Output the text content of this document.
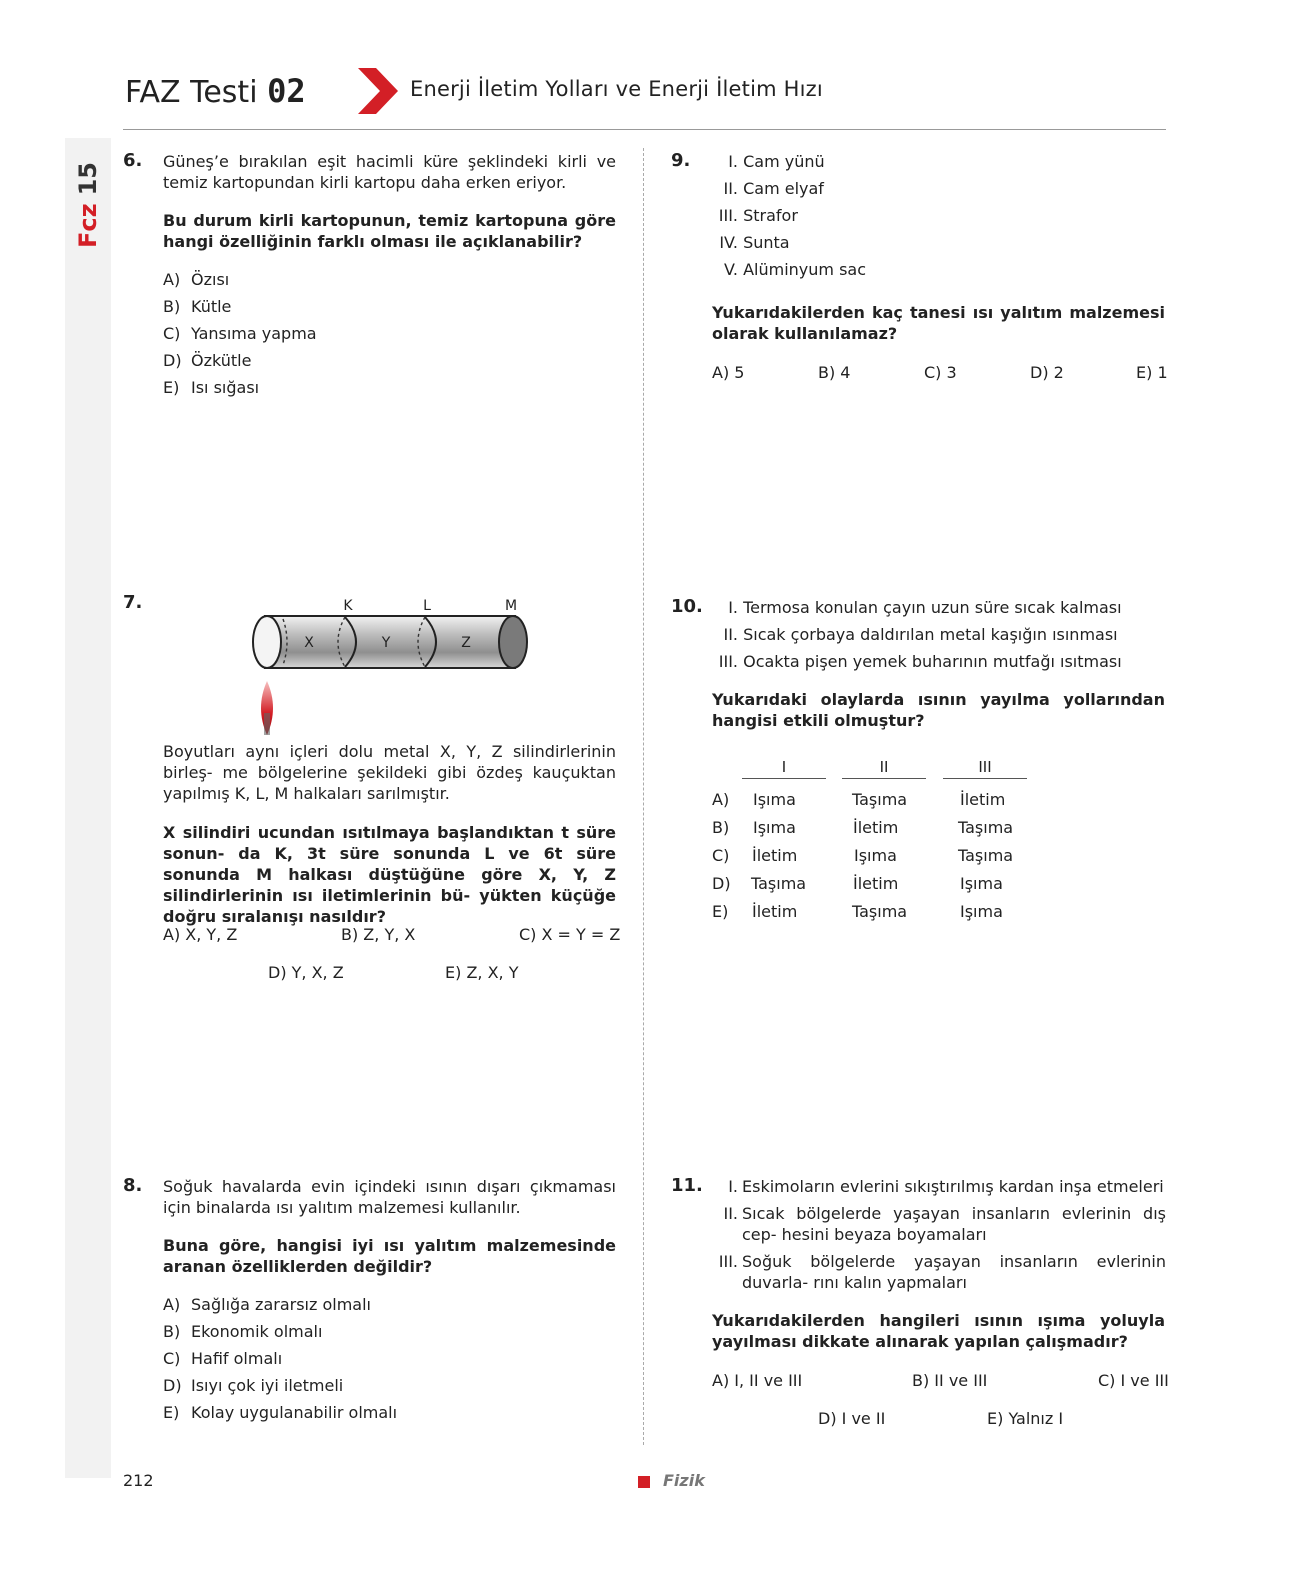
Fcz
15
FAZ Testi 02	Enerji İletim Yolları ve Enerji İletim Hızı
6. Güneş’e bırakılan eşit hacimli küre şeklindeki kirli ve temiz kartopundan kirli kartopu daha erken eriyor.
Bu durum kirli kartopunun, temiz kartopuna göre hangi özelliğinin farklı olması ile açıklanabilir?
A) Özısı
B) Kütle
C) Yansıma yapma
D) Özkütle
E) Isı sığası
7.	K	L	M
X	Y	Z
Boyutları aynı içleri dolu metal X, Y, Z silindirlerinin birleş- me bölgelerine şekildeki gibi özdeş kauçuktan yapılmış K, L, M halkaları sarılmıştır.
X silindiri ucundan ısıtılmaya başlandıktan t süre sonun- da K, 3t süre sonunda L ve 6t süre sonunda M halkası düştüğüne göre X, Y, Z silindirlerinin ısı iletimlerinin bü- yükten küçüğe doğru sıralanışı nasıldır?
A) X, Y, Z	B) Z, Y, X	C) X = Y = Z
D) Y, X, Z	E) Z, X, Y
8. Soğuk havalarda evin içindeki ısının dışarı çıkmaması için binalarda ısı yalıtım malzemesi kullanılır.
Buna göre, hangisi iyi ısı yalıtım malzemesinde aranan özelliklerden değildir?
A) Sağlığa zararsız olmalı
B) Ekonomik olmalı
C) Hafif olmalı
D) Isıyı çok iyi iletmeli
E) Kolay uygulanabilir olmalı
9.	I. Cam yünü
II. Cam elyaf
III. Strafor
IV. Sunta
V. Alüminyum sac
Yukarıdakilerden kaç tanesi ısı yalıtım malzemesi olarak kullanılamaz?
A) 5	B) 4	C) 3	D) 2	E) 1
10.	I. Termosa konulan çayın uzun süre sıcak kalması
II. Sıcak çorbaya daldırılan metal kaşığın ısınması
III. Ocakta pişen yemek buharının mutfağı ısıtması
Yukarıdaki olaylarda ısının yayılma yollarından hangisi etkili olmuştur?
I	II	III
A) Işıma	Taşıma	İletim
B) Işıma	İletim	Taşıma
C) İletim	Işıma	Taşıma
D) Taşıma	İletim	Işıma
E) İletim	Taşıma	Işıma
11.	I. Eskimoların evlerini sıkıştırılmış kardan inşa etmeleri
II. Sıcak bölgelerde yaşayan insanların evlerinin dış cep- hesini beyaza boyamaları
III. Soğuk bölgelerde yaşayan insanların evlerinin duvarla- rını kalın yapmaları
Yukarıdakilerden hangileri ısının ışıma yoluyla yayılması dikkate alınarak yapılan çalışmadır?
A) I, II ve III	B) II ve III	C) I ve III
D) I ve II	E) Yalnız I
212	Fizik
